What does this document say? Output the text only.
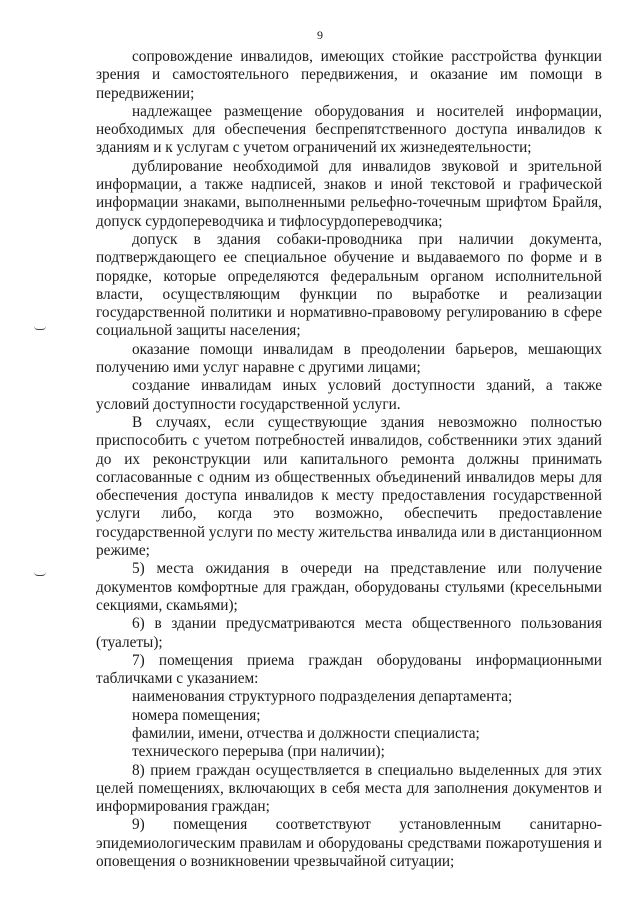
9

сопровождение инвалидов, имеющих стойкие расстройства функции зрения и самостоятельного передвижения, и оказание им помощи в передвижении;

надлежащее размещение оборудования и носителей информации, необходимых для обеспечения беспрепятственного доступа инвалидов к зданиям и к услугам с учетом ограничений их жизнедеятельности;

дублирование необходимой для инвалидов звуковой и зрительной информации, а также надписей, знаков и иной текстовой и графической информации знаками, выполненными рельефно-точечным шрифтом Брайля, допуск сурдопереводчика и тифлосурдопереводчика;

допуск в здания собаки-проводника при наличии документа, подтверждающего ее специальное обучение и выдаваемого по форме и в порядке, которые определяются федеральным органом исполнительной власти, осуществляющим функции по выработке и реализации государственной политики и нормативно-правовому регулированию в сфере социальной защиты населения;

оказание помощи инвалидам в преодолении барьеров, мешающих получению ими услуг наравне с другими лицами;

создание инвалидам иных условий доступности зданий, а также условий доступности государственной услуги.

В случаях, если существующие здания невозможно полностью приспособить с учетом потребностей инвалидов, собственники этих зданий до их реконструкции или капитального ремонта должны принимать согласованные с одним из общественных объединений инвалидов меры для обеспечения доступа инвалидов к месту предоставления государственной услуги либо, когда это возможно, обеспечить предоставление государственной услуги по месту жительства инвалида или в дистанционном режиме;

5) места ожидания в очереди на представление или получение документов комфортные для граждан, оборудованы стульями (кресельными секциями, скамьями);

6) в здании предусматриваются места общественного пользования (туалеты);

7) помещения приема граждан оборудованы информационными табличками с указанием:

наименования структурного подразделения департамента;

номера помещения;

фамилии, имени, отчества и должности специалиста;

технического перерыва (при наличии);

8) прием граждан осуществляется в специально выделенных для этих целей помещениях, включающих в себя места для заполнения документов и информирования граждан;

9) помещения соответствуют установленным санитарно-эпидемиологическим правилам и оборудованы средствами пожаротушения и оповещения о возникновении чрезвычайной ситуации;
